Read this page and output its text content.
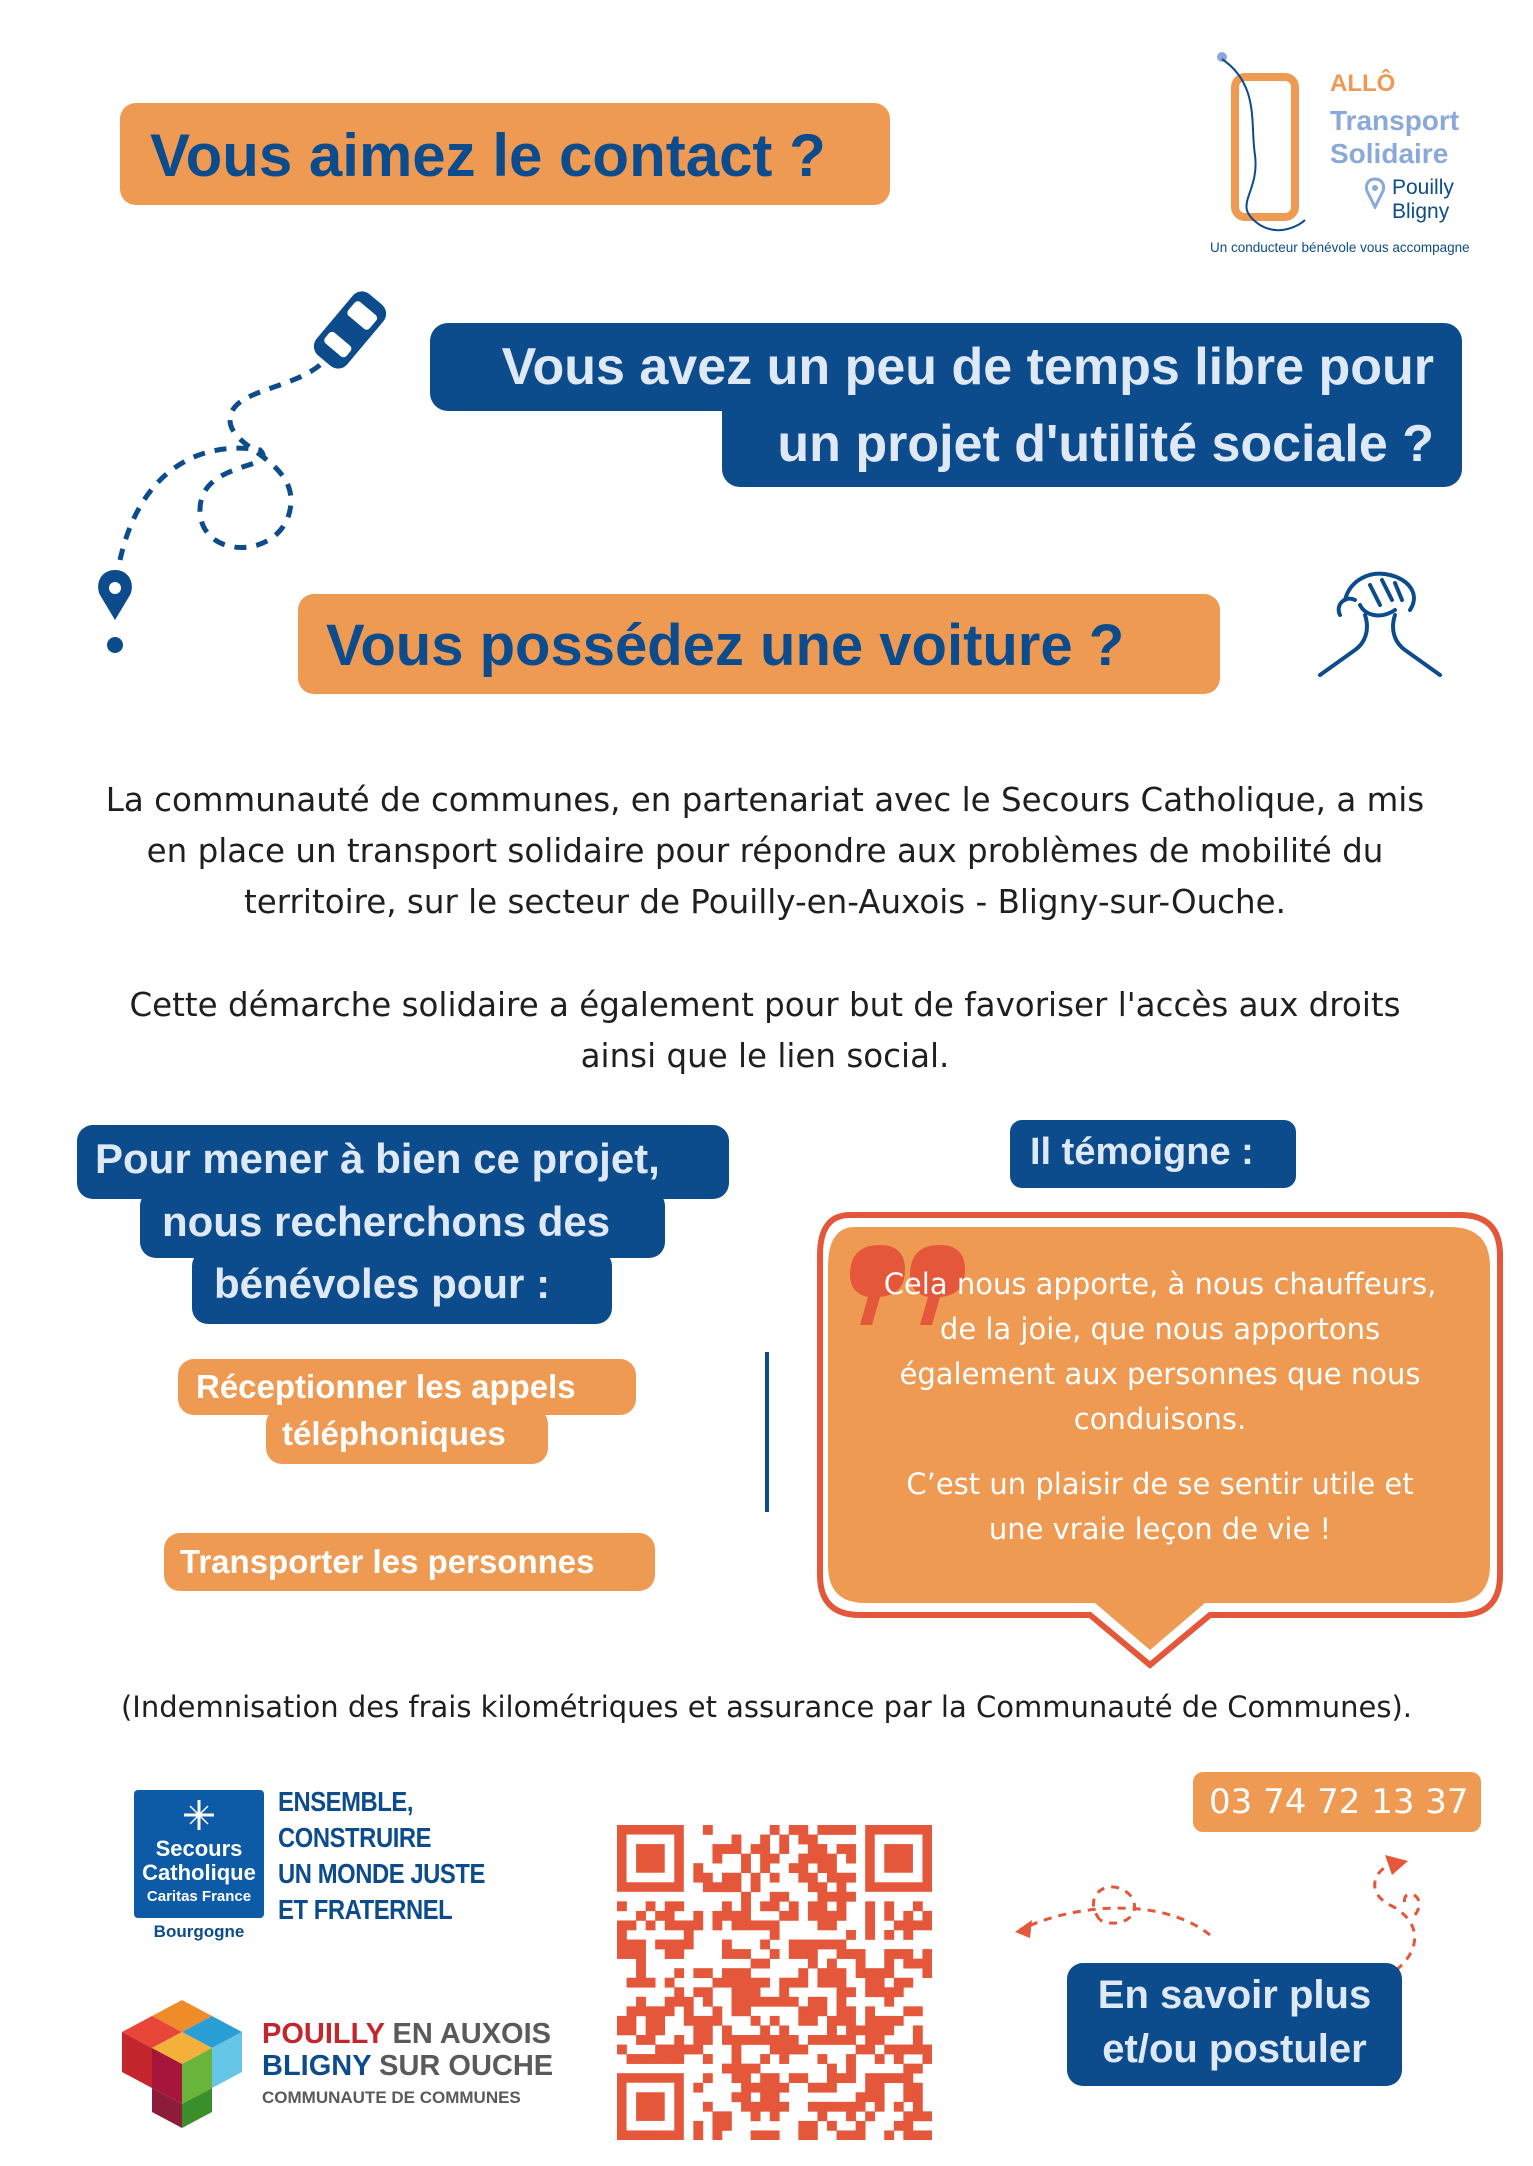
ALLÔ
Transport
Solidaire
Pouilly
Bligny
Un conducteur bénévole vous accompagne
Vous aimez le contact ?
Vous avez un peu de temps libre pour
un projet d'utilité sociale ?
Vous possédez une voiture ?
La communauté de communes, en partenariat avec le Secours Catholique, a mis en place un transport solidaire pour répondre aux problèmes de mobilité du territoire, sur le secteur de Pouilly-en-Auxois - Bligny-sur-Ouche.
Cette démarche solidaire a également pour but de favoriser l'accès aux droits ainsi que le lien social.
Pour mener à bien ce projet,
nous recherchons des
bénévoles pour :
Réceptionner les appels
téléphoniques
Transporter les personnes
Il témoigne :
Cela nous apporte, à nous chauffeurs, de la joie, que nous apportons également aux personnes que nous conduisons.
C’est un plaisir de se sentir utile et une vraie leçon de vie !
(Indemnisation des frais kilométriques et assurance par la Communauté de Communes).
Secours
Catholique
Caritas France
Bourgogne
ENSEMBLE,
CONSTRUIRE
UN MONDE JUSTE
ET FRATERNEL
POUILLY EN AUXOIS
BLIGNY SUR OUCHE
COMMUNAUTE DE COMMUNES
03 74 72 13 37
En savoir plus
et/ou postuler
